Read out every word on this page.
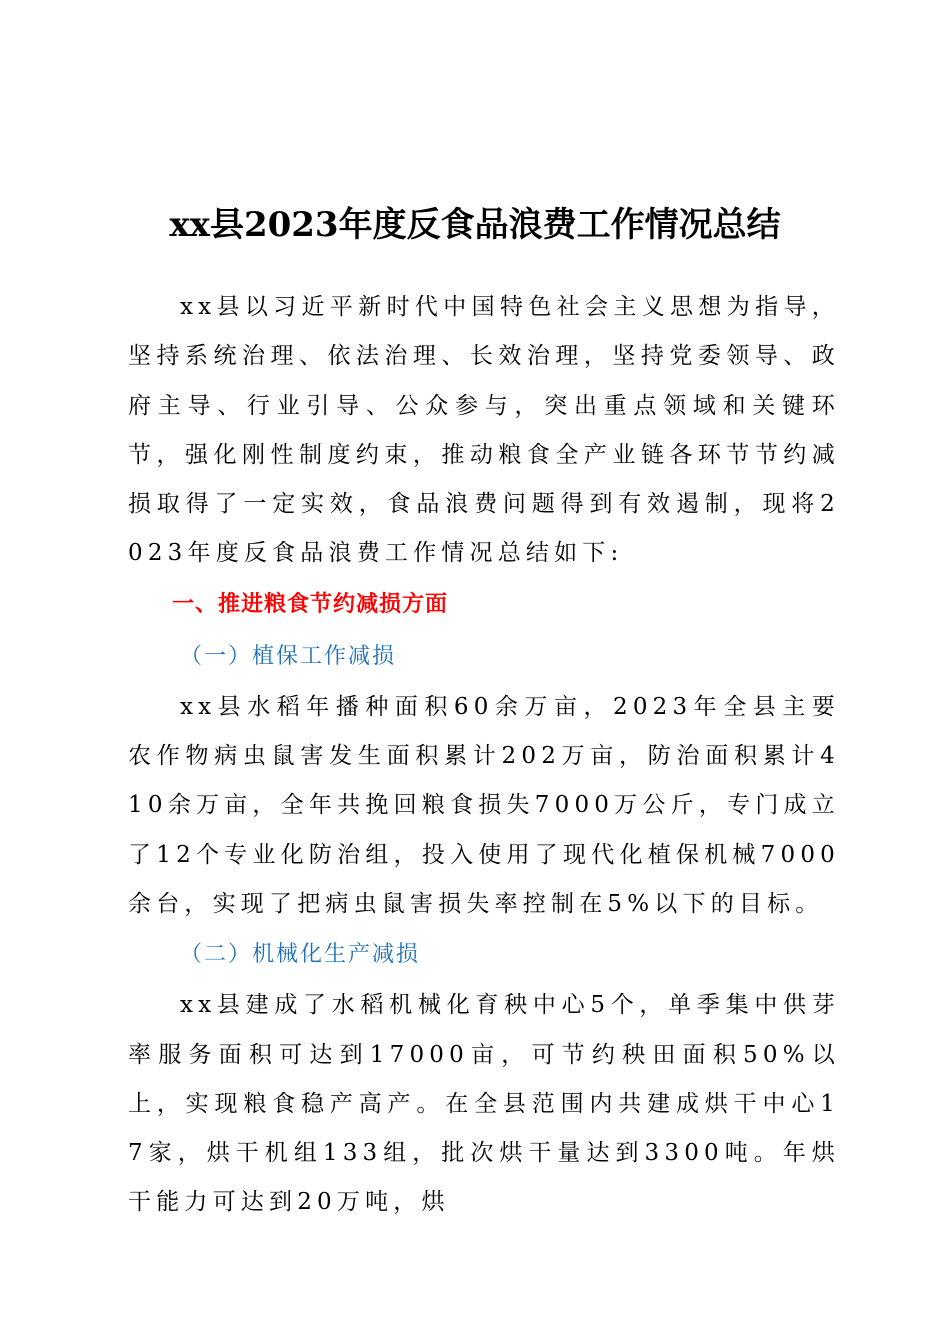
xx县2023年度反食品浪费工作情况总结

xx县以习近平新时代中国特色社会主义思想为指导，坚持系统治理、依法治理、长效治理，坚持党委领导、政府主导、行业引导、公众参与，突出重点领域和关键环节，强化刚性制度约束，推动粮食全产业链各环节节约减损取得了一定实效，食品浪费问题得到有效遏制，现将2023年度反食品浪费工作情况总结如下:

一、推进粮食节约减损方面

（一）植保工作减损

xx县水稻年播种面积60余万亩，2023年全县主要农作物病虫鼠害发生面积累计202万亩，防治面积累计410余万亩，全年共挽回粮食损失7000万公斤，专门成立了12个专业化防治组，投入使用了现代化植保机械7000余台，实现了把病虫鼠害损失率控制在5%以下的目标。

（二）机械化生产减损

xx县建成了水稻机械化育秧中心5个，单季集中供芽率服务面积可达到17000亩，可节约秧田面积50%以上，实现粮食稳产高产。在全县范围内共建成烘干中心17家，烘干机组133组，批次烘干量达到3300吨。年烘干能力可达到20万吨，烘
